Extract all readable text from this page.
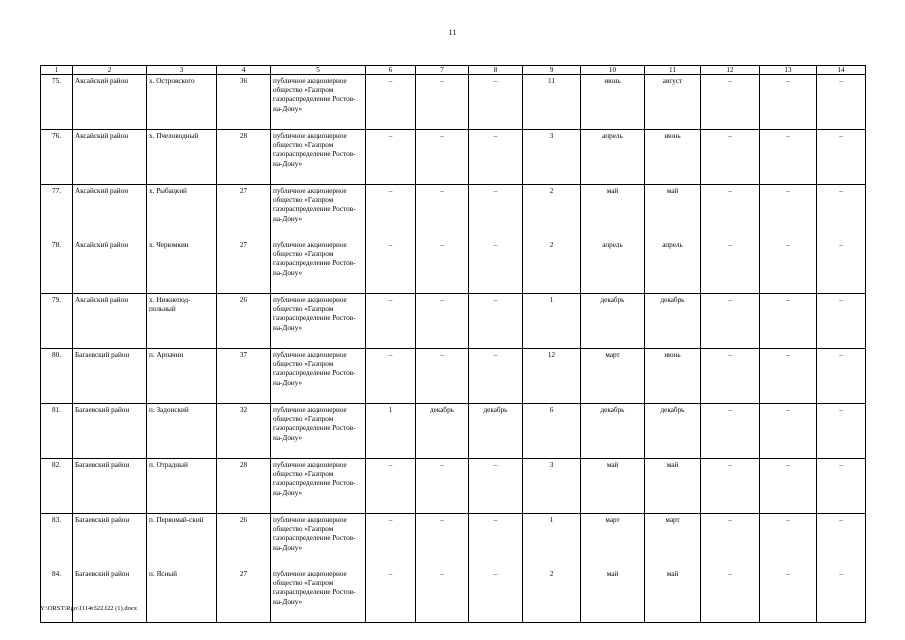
11
1	2	3	4	5	6	7	8	9	10	11	12	13	14
75.	Аксайский район	х. Островского	36	публичное акционерное общество «Газпром газораспределение Ростов-на-Дону»	–	–	–	11	июнь	август	–	–	–
76.	Аксайский район	х. Пчеловодный	28	публичное акционерное общество «Газпром газораспределение Ростов-на-Дону»	–	–	–	3	апрель	июнь	–	–	–
77.	Аксайский район	х. Рыбацкий	27	публичное акционерное общество «Газпром газораспределение Ростов-на-Дону»	–	–	–	2	май	май	–	–	–
78.	Аксайский район	х. Черюмкин	27	публичное акционерное общество «Газпром газораспределение Ростов-на-Дону»	–	–	–	2	апрель	апрель	–	–	–
79.	Аксайский район	х. Нижнепод-польный	26	публичное акционерное общество «Газпром газораспределение Ростов-на-Дону»	–	–	–	1	декабрь	декабрь	–	–	–
80.	Багаевский район	п. Арпачин	37	публичное акционерное общество «Газпром газораспределение Ростов-на-Дону»	–	–	–	12	март	июнь	–	–	–
81.	Багаевский район	п. Задонский	32	публичное акционерное общество «Газпром газораспределение Ростов-на-Дону»	1	декабрь	декабрь	6	декабрь	декабрь	–	–	–
82.	Багаевский район	п. Отрадный	28	публичное акционерное общество «Газпром газораспределение Ростов-на-Дону»	–	–	–	3	май	май	–	–	–
83.	Багаевский район	п. Первомай-ский	26	публичное акционерное общество «Газпром газораспределение Ростов-на-Дону»	–	–	–	1	март	март	–	–	–
84.	Багаевский район	п. Ясный	27	публичное акционерное общество «Газпром газораспределение Ростов-на-Дону»	–	–	–	2	май	май	–	–	–
Y:\ORST\Rgo\1114r322.f22 (1).docx
